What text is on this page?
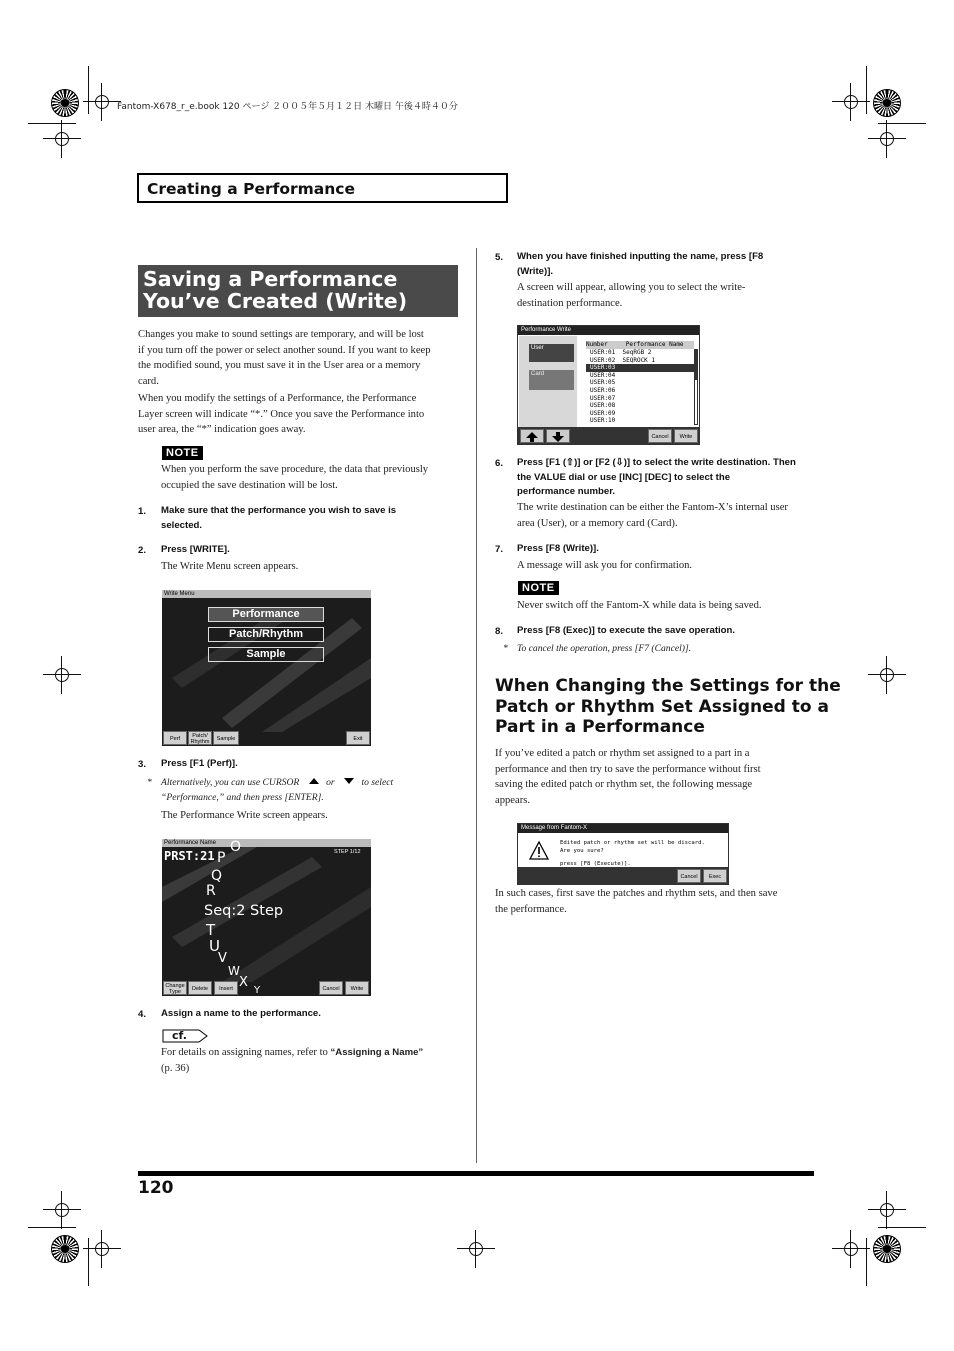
Fantom-X678_r_e.book 120 ページ ２００５年５月１２日 木曜日 午後４時４０分
Creating a Performance
Saving a Performance
You’ve Created (Write)
Changes you make to sound settings are temporary, and will be lost
if you turn off the power or select another sound. If you want to keep
the modified sound, you must save it in the User area or a memory
card.
When you modify the settings of a Performance, the Performance
Layer screen will indicate “*.” Once you save the Performance into
user area, the “*” indication goes away.
NOTE
When you perform the save procedure, the data that previously
occupied the save destination will be lost.
1. Make sure that the performance you wish to save is
selected.
2. Press [WRITE].
The Write Menu screen appears.
Write Menu
Performance
Patch/Rhythm
Sample
Perf	Patch/ Rhythm	Sample	Exit
3. Press [F1 (Perf)].
* Alternatively, you can use CURSOR	or	to select
“Performance,” and then press [ENTER].
The Performance Write screen appears.
Performance Name
PRST:21	STEP 1/12
Seq:2 Step
O
P
Q
R
T
U
V
W
X
Y
Change Type	Delete	Insert	Cancel	Write
4. Assign a name to the performance.
cf.
For details on assigning names, refer to “Assigning a Name”
(p. 36)
5. When you have finished inputting the name, press [F8
(Write)].
A screen will appear, allowing you to select the write-
destination performance.
Performance Write
User
Card
Number	Performance Name
USER:01  SeqRGB 2
USER:02  SEQROCK 1
USER:03
USER:04
USER:05
USER:06
USER:07
USER:08
USER:09
USER:10
Cancel	Write
6. Press [F1 (⇧)] or [F2 (⇩)] to select the write destination. Then
the VALUE dial or use [INC] [DEC] to select the
performance number.
The write destination can be either the Fantom-X’s internal user
area (User), or a memory card (Card).
7. Press [F8 (Write)].
A message will ask you for confirmation.
NOTE
Never switch off the Fantom-X while data is being saved.
8. Press [F8 (Exec)] to execute the save operation.
* To cancel the operation, press [F7 (Cancel)].
When Changing the Settings for the
Patch or Rhythm Set Assigned to a
Part in a Performance
If you’ve edited a patch or rhythm set assigned to a part in a
performance and then try to save the performance without first
saving the edited patch or rhythm set, the following message
appears.
Message from Fantom-X
Edited patch or rhythm set will be discard.
Are you sure?
press [F8 (Execute)].
Cancel	Exec
In such cases, first save the patches and rhythm sets, and then save
the performance.
120
